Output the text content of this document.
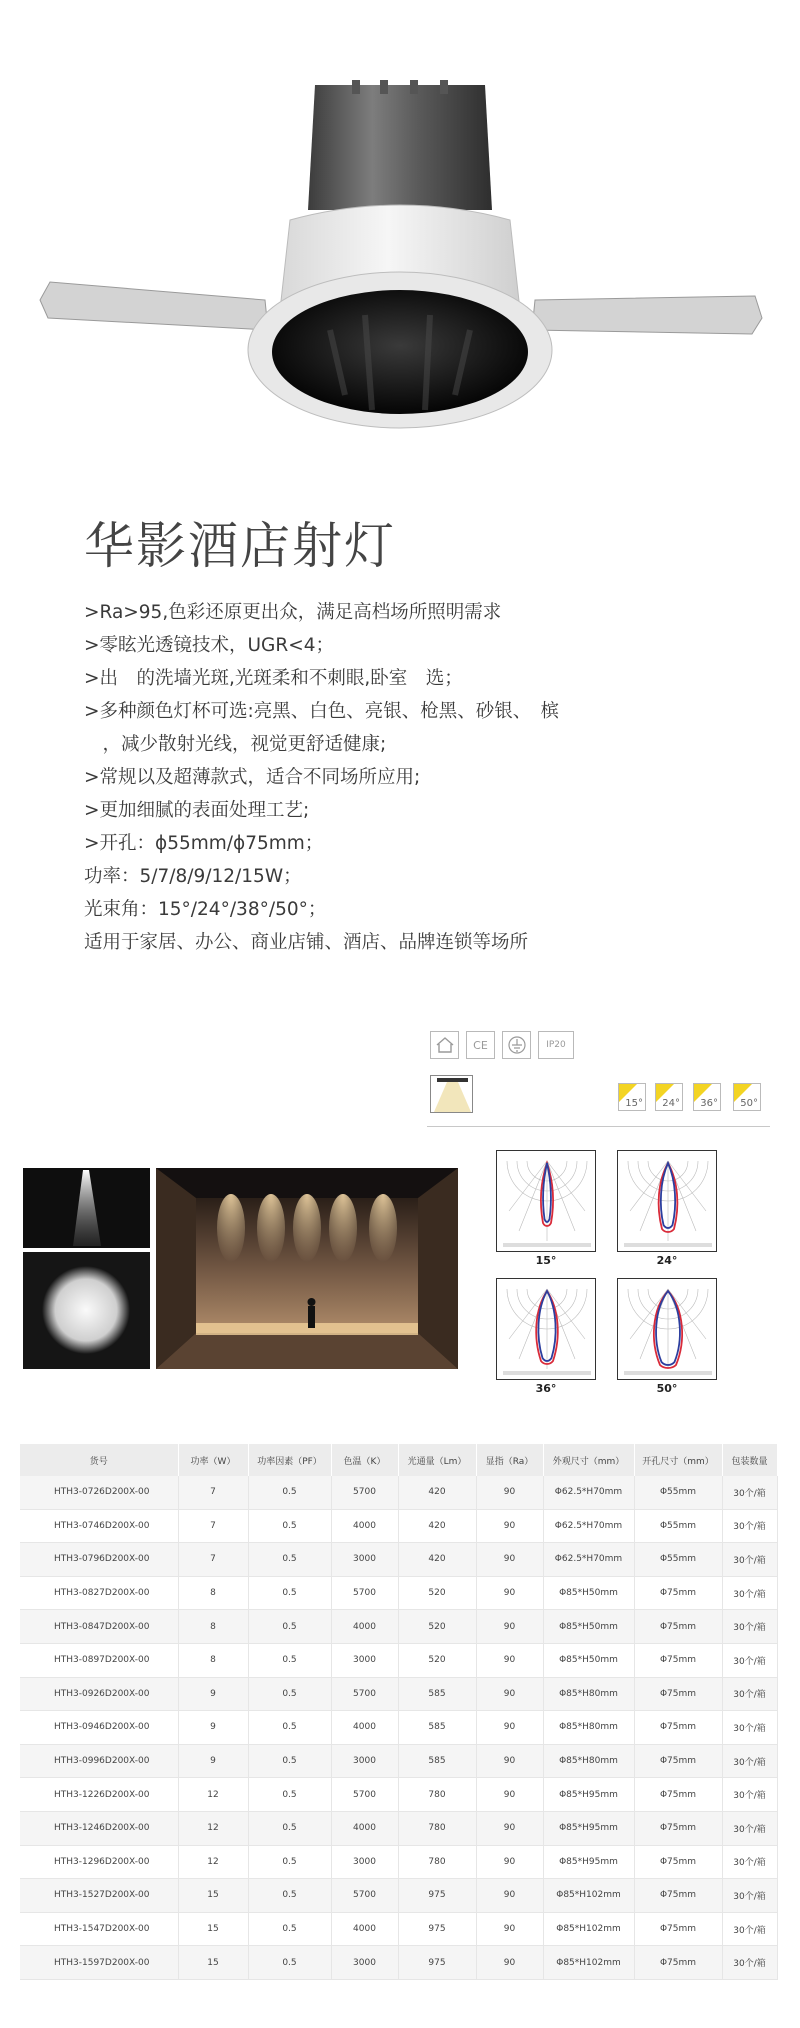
华影酒店射灯
>Ra>95,色彩还原更出众，满足高档场所照明需求
>零眩光透镜技术，UGR<4；
>出　的洗墙光斑,光斑柔和不刺眼,卧室　选；
>多种颜色灯杯可选:亮黑、白色、亮银、枪黑、砂银、　槟
　，减少散射光线，视觉更舒适健康;
>常规以及超薄款式，适合不同场所应用;
>更加细腻的表面处理工艺;
>开孔：ϕ55mm/ϕ75mm；
功率：5/7/8/9/12/15W；
光束角：15°/24°/38°/50°；
适用于家居、办公、商业店铺、酒店、品牌连锁等场所
CE	IP20
15° 24° 36° 50°
15°	24°
36°	50°
货号	功率（W）	功率因素（PF）	色温（K）	光通量（Lm）	显指（Ra）	外观尺寸（mm）	开孔尺寸（mm）	包装数量
HTH3-0726D200X-00	7	0.5	5700	420	90	Φ62.5*H70mm	Φ55mm	30个/箱
HTH3-0746D200X-00	7	0.5	4000	420	90	Φ62.5*H70mm	Φ55mm	30个/箱
HTH3-0796D200X-00	7	0.5	3000	420	90	Φ62.5*H70mm	Φ55mm	30个/箱
HTH3-0827D200X-00	8	0.5	5700	520	90	Φ85*H50mm	Φ75mm	30个/箱
HTH3-0847D200X-00	8	0.5	4000	520	90	Φ85*H50mm	Φ75mm	30个/箱
HTH3-0897D200X-00	8	0.5	3000	520	90	Φ85*H50mm	Φ75mm	30个/箱
HTH3-0926D200X-00	9	0.5	5700	585	90	Φ85*H80mm	Φ75mm	30个/箱
HTH3-0946D200X-00	9	0.5	4000	585	90	Φ85*H80mm	Φ75mm	30个/箱
HTH3-0996D200X-00	9	0.5	3000	585	90	Φ85*H80mm	Φ75mm	30个/箱
HTH3-1226D200X-00	12	0.5	5700	780	90	Φ85*H95mm	Φ75mm	30个/箱
HTH3-1246D200X-00	12	0.5	4000	780	90	Φ85*H95mm	Φ75mm	30个/箱
HTH3-1296D200X-00	12	0.5	3000	780	90	Φ85*H95mm	Φ75mm	30个/箱
HTH3-1527D200X-00	15	0.5	5700	975	90	Φ85*H102mm	Φ75mm	30个/箱
HTH3-1547D200X-00	15	0.5	4000	975	90	Φ85*H102mm	Φ75mm	30个/箱
HTH3-1597D200X-00	15	0.5	3000	975	90	Φ85*H102mm	Φ75mm	30个/箱
